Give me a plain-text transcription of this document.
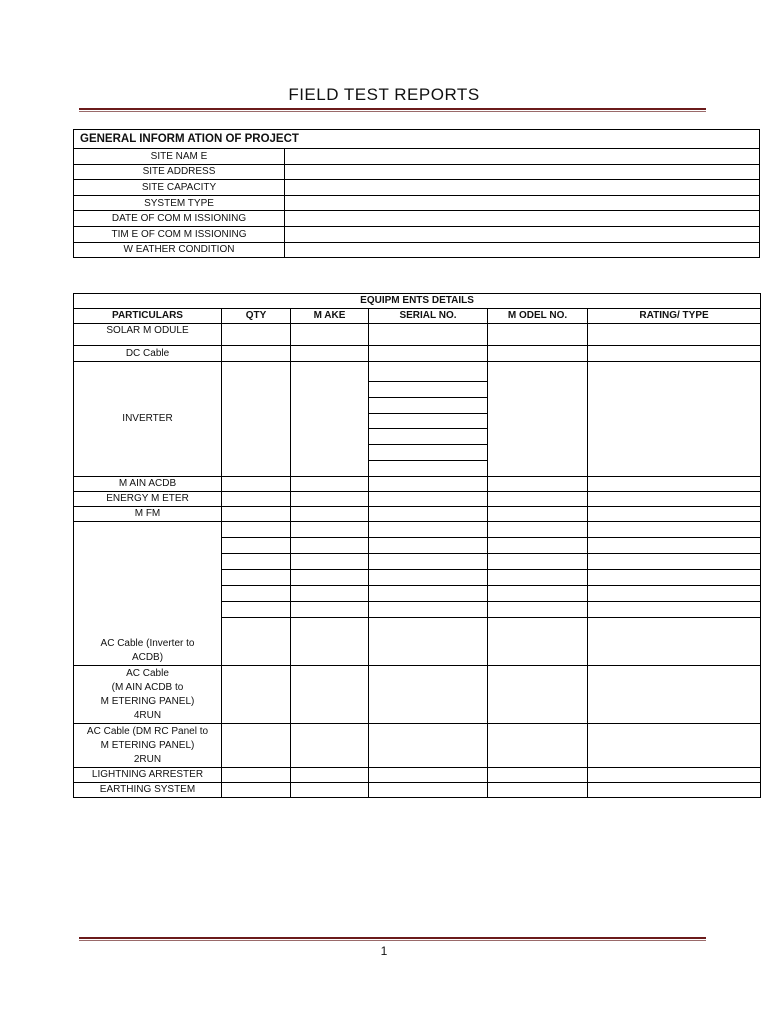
FIELD TEST REPORTS
GENERAL INFORM ATION OF PROJECT	
SITE NAM E	
SITE ADDRESS	
SITE CAPACITY	
SYSTEM TYPE	
DATE OF COM M ISSIONING	
TIM E OF COM M ISSIONING	
W EATHER CONDITION	
EQUIPM ENTS DETAILS					
PARTICULARS	QTY	M AKE	SERIAL NO.	M ODEL NO.	RATING/ TYPE
SOLAR M ODULE					
DC Cable					
INVERTER					

M AIN ACDB					
ENERGY M ETER					
M FM					
AC Cable (Inverter to
ACDB)					

AC Cable
(M AIN ACDB to
M ETERING PANEL)
4RUN					
AC Cable (DM RC Panel to
M ETERING PANEL)
2RUN					
LIGHTNING ARRESTER					
EARTHING SYSTEM					
1
